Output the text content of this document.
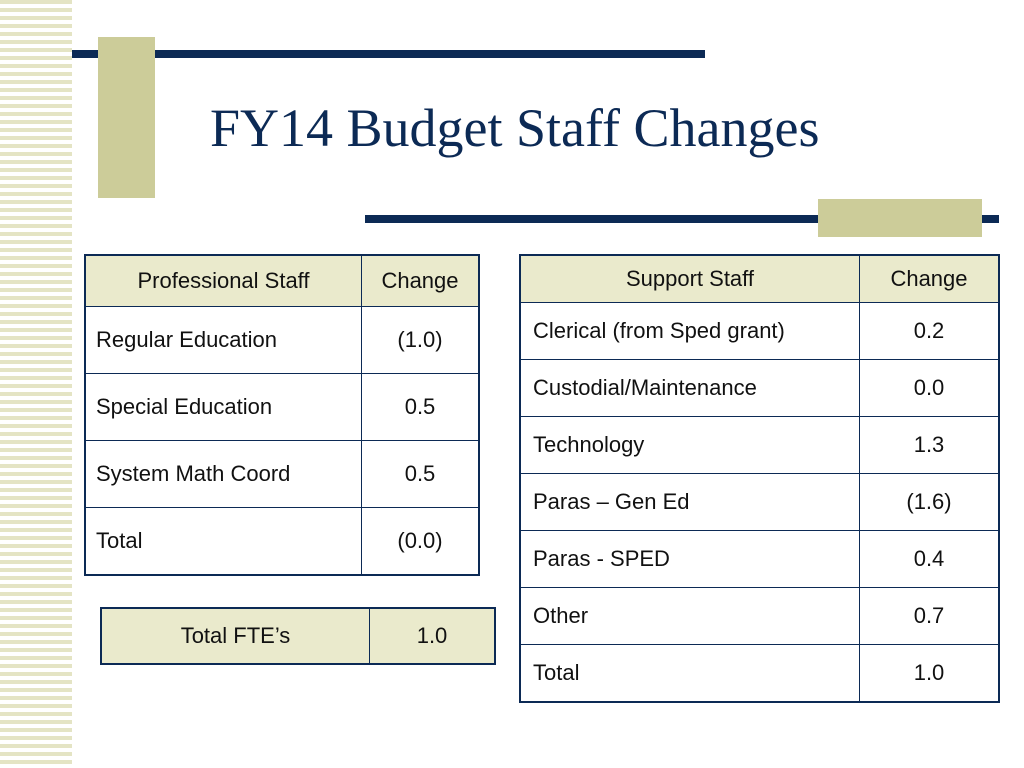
FY14 Budget Staff Changes
Professional Staff	Change
Regular Education	(1.0)
Special Education	0.5
System Math Coord	0.5
Total	(0.0)
Total FTE’s	1.0
Support Staff	Change
Clerical (from Sped grant)	0.2
Custodial/Maintenance	0.0
Technology	1.3
Paras – Gen Ed	(1.6)
Paras - SPED	0.4
Other	0.7
Total	1.0
